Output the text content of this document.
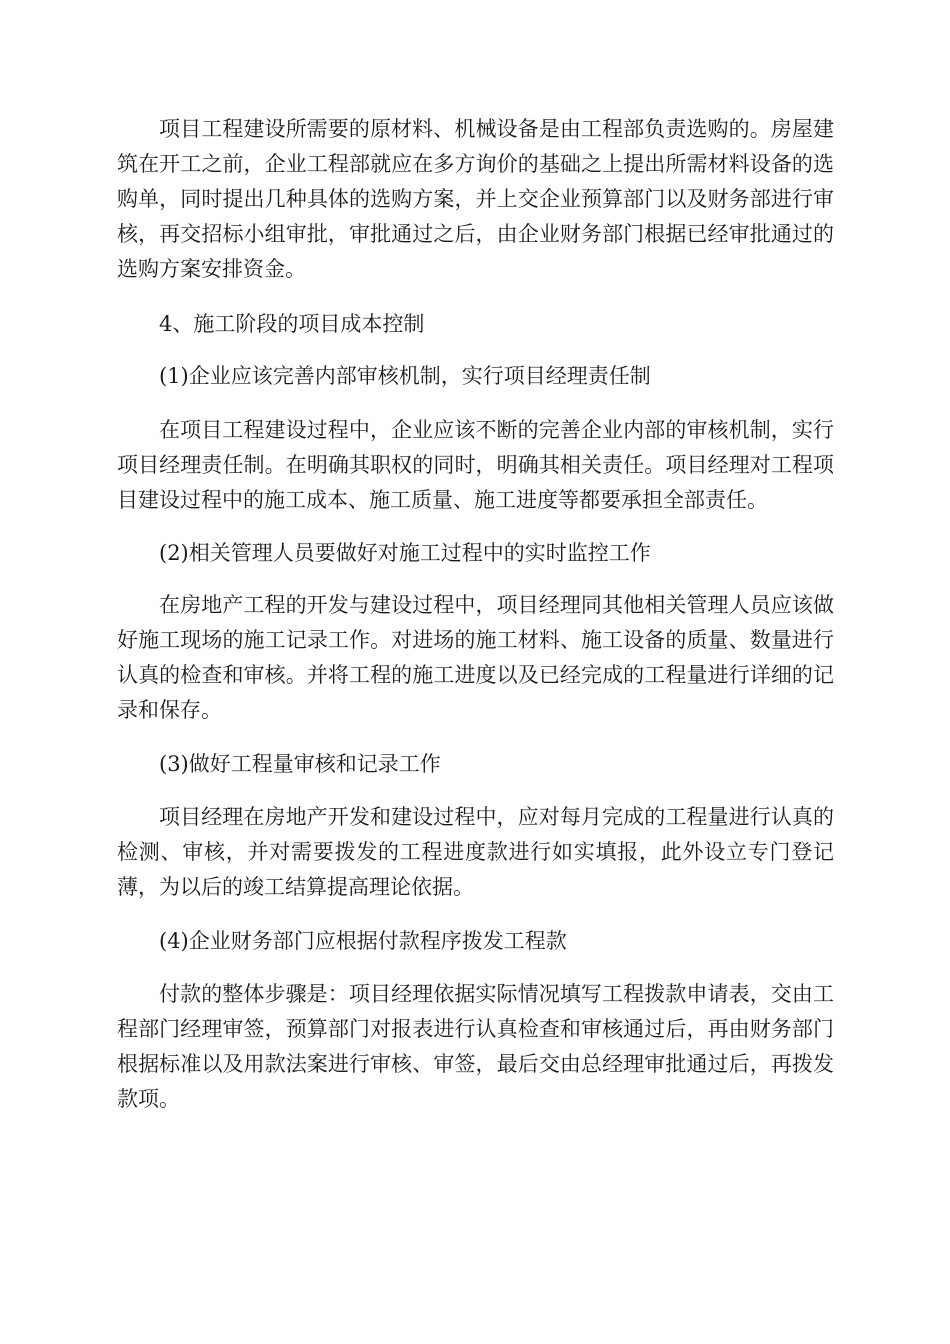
项目工程建设所需要的原材料、机械设备是由工程部负责选购的。房屋建筑在开工之前，企业工程部就应在多方询价的基础之上提出所需材料设备的选购单，同时提出几种具体的选购方案，并上交企业预算部门以及财务部进行审核，再交招标小组审批，审批通过之后，由企业财务部门根据已经审批通过的选购方案安排资金。

4、施工阶段的项目成本控制

(1)企业应该完善内部审核机制，实行项目经理责任制

在项目工程建设过程中，企业应该不断的完善企业内部的审核机制，实行项目经理责任制。在明确其职权的同时，明确其相关责任。项目经理对工程项目建设过程中的施工成本、施工质量、施工进度等都要承担全部责任。

(2)相关管理人员要做好对施工过程中的实时监控工作

在房地产工程的开发与建设过程中，项目经理同其他相关管理人员应该做好施工现场的施工记录工作。对进场的施工材料、施工设备的质量、数量进行认真的检查和审核。并将工程的施工进度以及已经完成的工程量进行详细的记录和保存。

(3)做好工程量审核和记录工作

项目经理在房地产开发和建设过程中，应对每月完成的工程量进行认真的检测、审核，并对需要拨发的工程进度款进行如实填报，此外设立专门登记薄，为以后的竣工结算提高理论依据。

(4)企业财务部门应根据付款程序拨发工程款

付款的整体步骤是：项目经理依据实际情况填写工程拨款申请表，交由工程部门经理审签，预算部门对报表进行认真检查和审核通过后，再由财务部门根据标准以及用款法案进行审核、审签，最后交由总经理审批通过后，再拨发款项。
